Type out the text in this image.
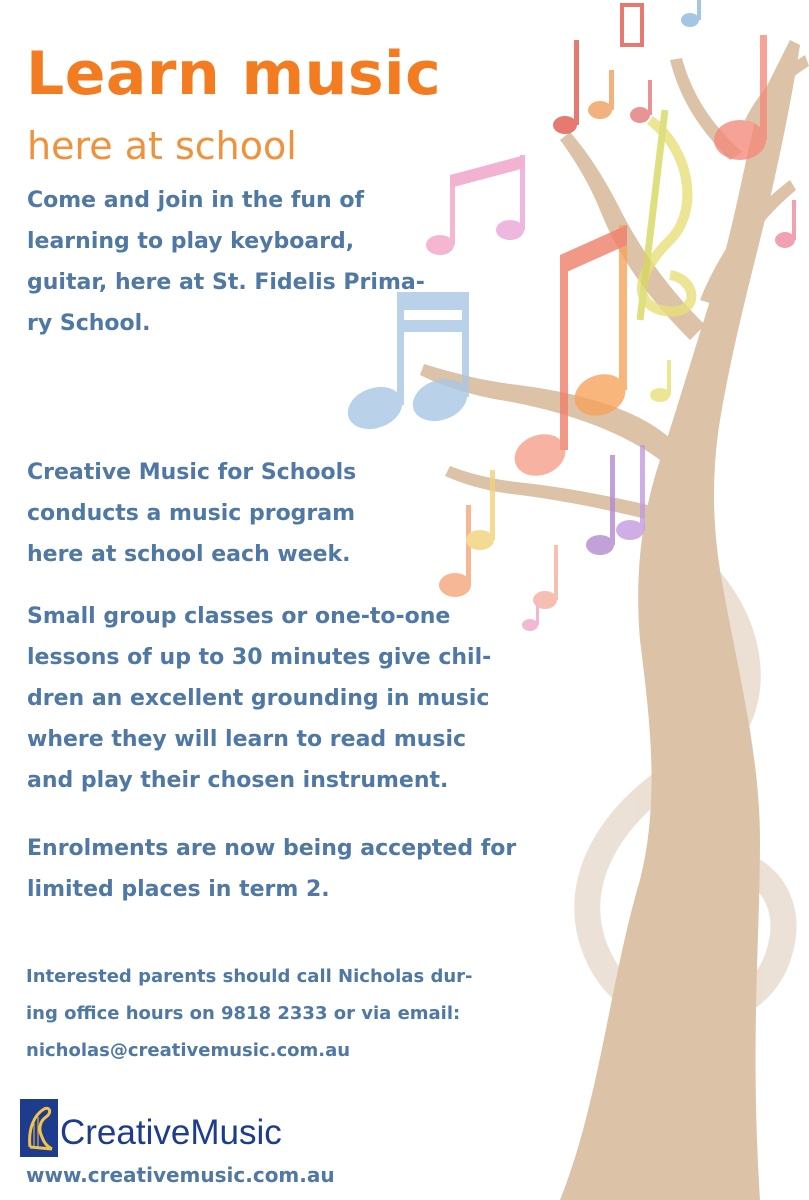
Learn music
here at school

Come and join in the fun of
learning to play keyboard,
guitar, here at St. Fidelis Prima-
ry School.

Creative Music for Schools
conducts a music program
here at school each week.

Small group classes or one-to-one
lessons of up to 30 minutes give chil-
dren an excellent grounding in music
where they will learn to read music
and play their chosen instrument.

Enrolments are now being accepted for
limited places in term 2.

Interested parents should call Nicholas dur-
ing office hours on 9818 2333 or via email:
nicholas@creativemusic.com.au

CreativeMusic

www.creativemusic.com.au
